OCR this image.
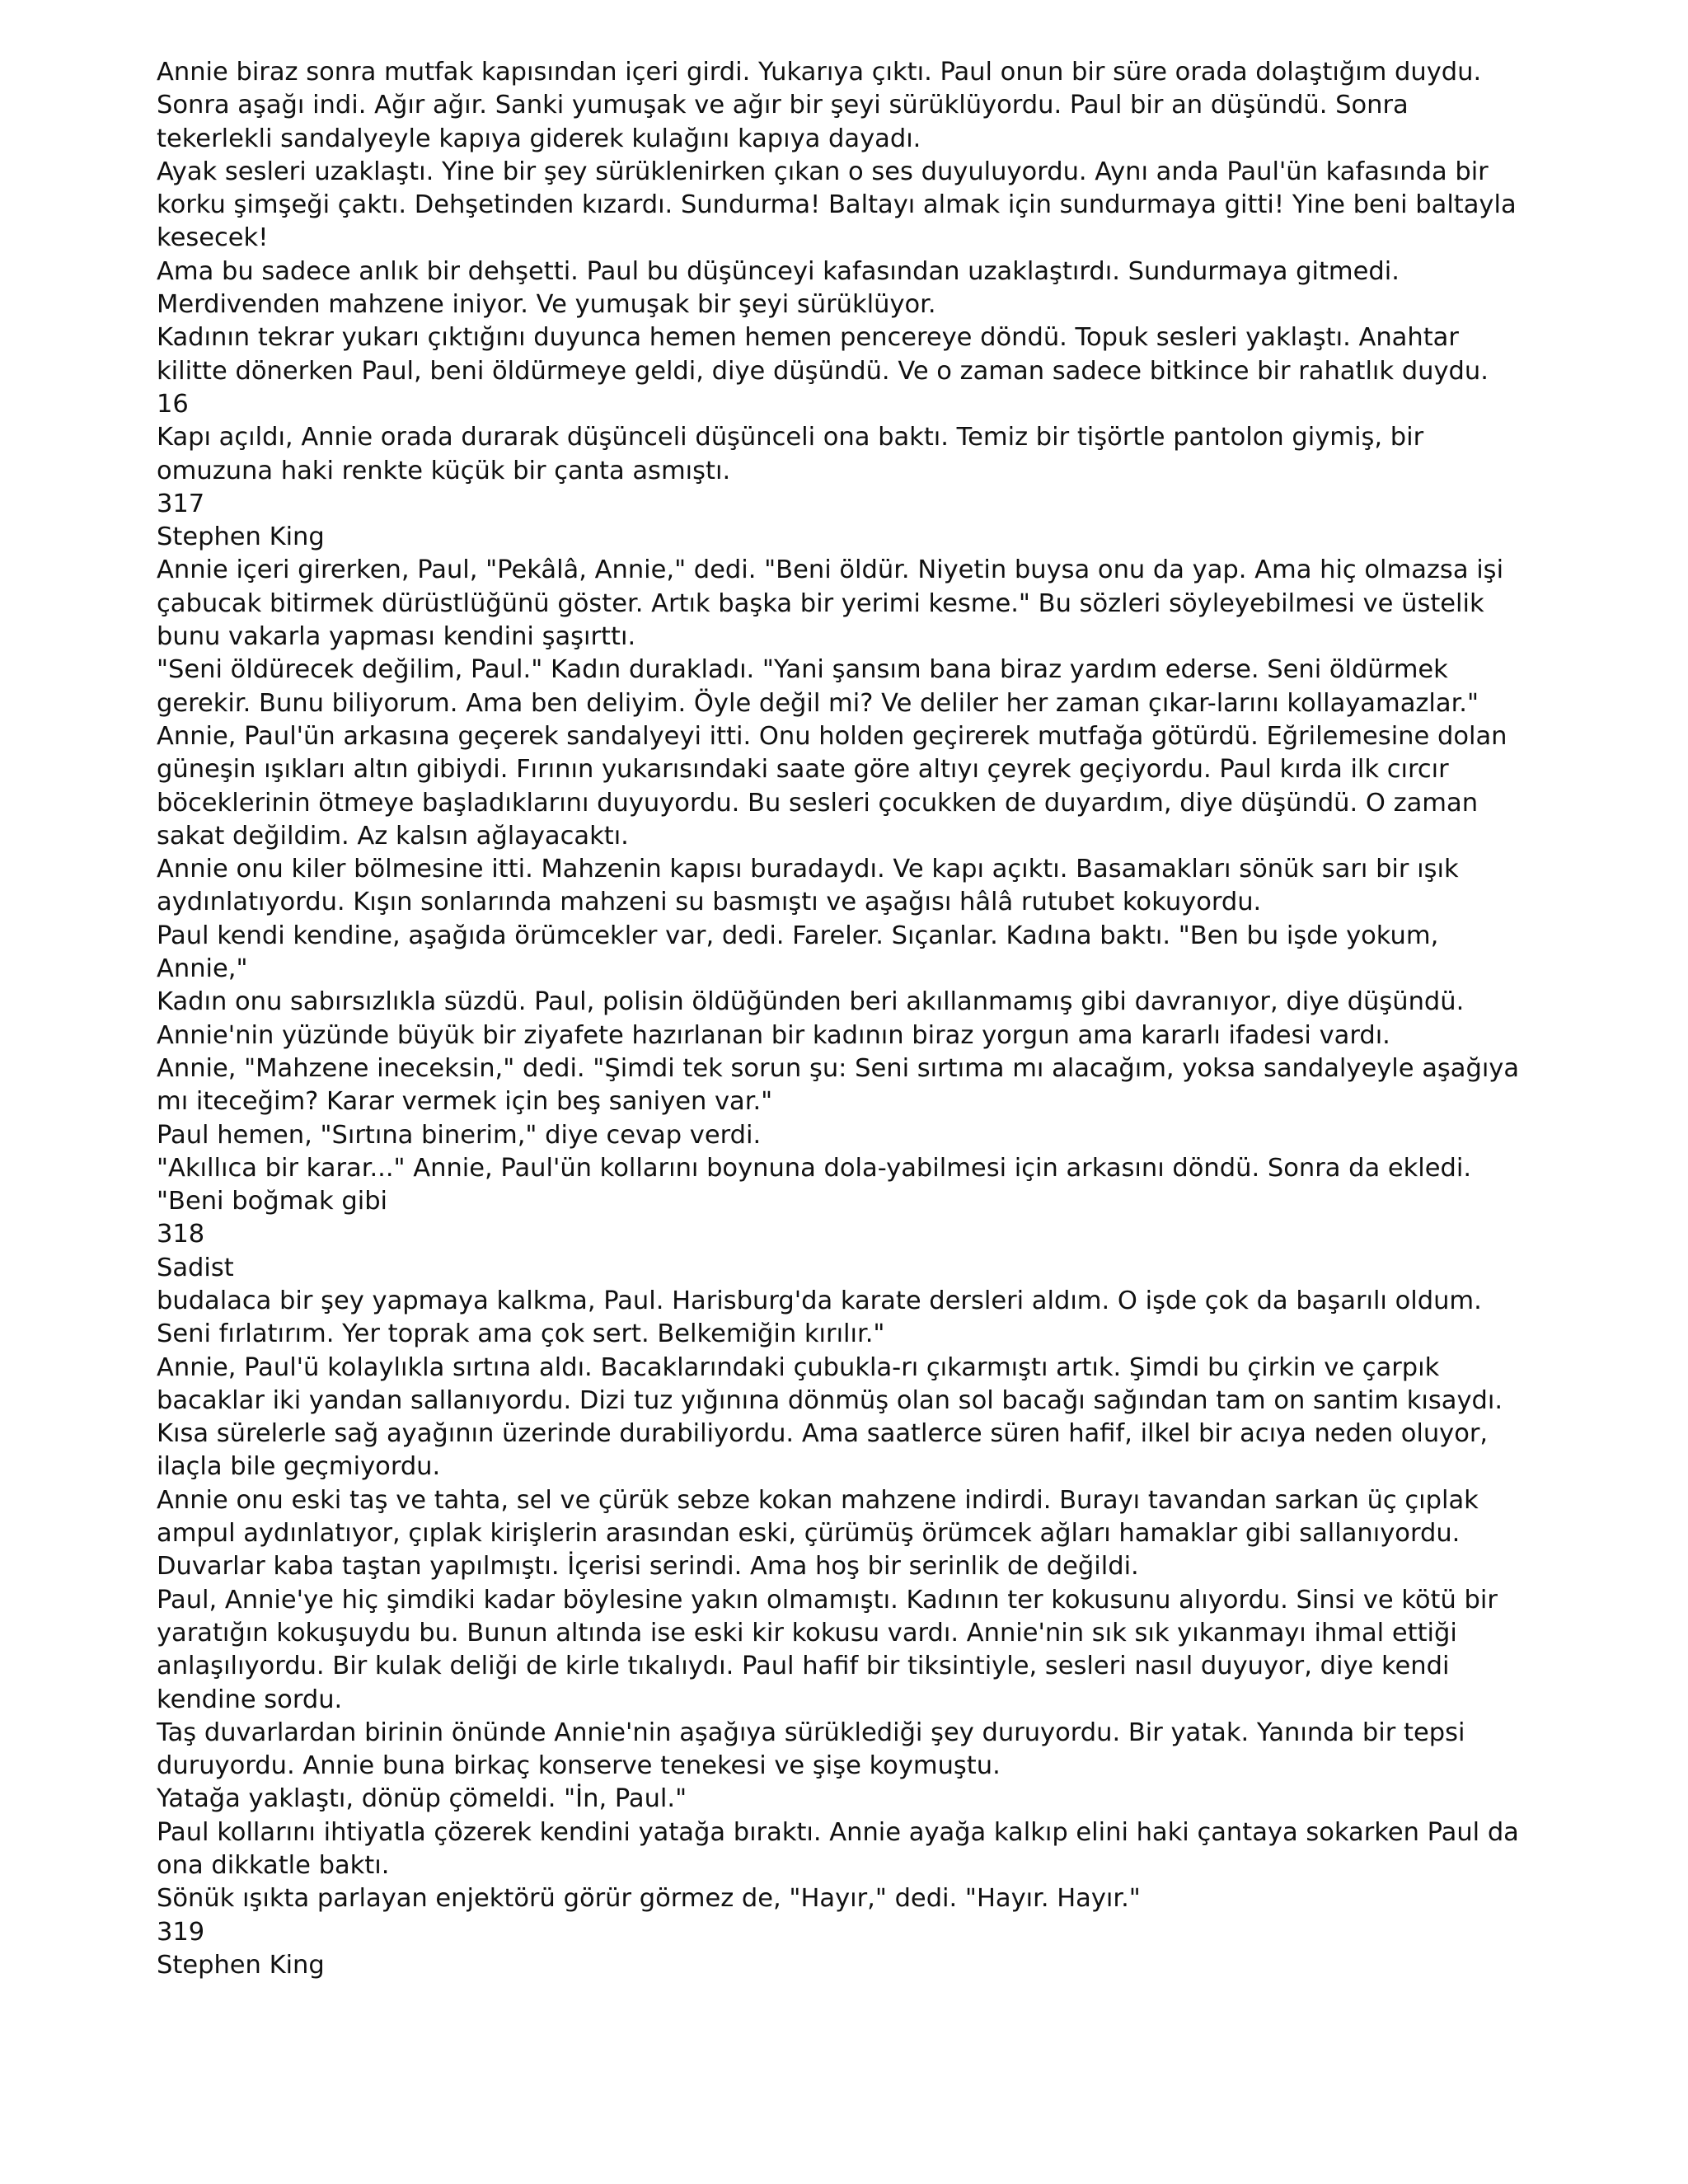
Annie biraz sonra mutfak kapısından içeri girdi. Yukarıya çıktı. Paul onun bir süre orada dolaştığım duydu.
Sonra aşağı indi. Ağır ağır. Sanki yumuşak ve ağır bir şeyi sürüklüyordu. Paul bir an düşündü. Sonra
tekerlekli sandalyeyle kapıya giderek kulağını kapıya dayadı.
Ayak sesleri uzaklaştı. Yine bir şey sürüklenirken çıkan o ses duyuluyordu. Aynı anda Paul'ün kafasında bir
korku şimşeği çaktı. Dehşetinden kızardı. Sundurma! Baltayı almak için sundurmaya gitti! Yine beni baltayla
kesecek!
Ama bu sadece anlık bir dehşetti. Paul bu düşünceyi kafasından uzaklaştırdı. Sundurmaya gitmedi.
Merdivenden mahzene iniyor. Ve yumuşak bir şeyi sürüklüyor.
Kadının tekrar yukarı çıktığını duyunca hemen hemen pencereye döndü. Topuk sesleri yaklaştı. Anahtar
kilitte dönerken Paul, beni öldürmeye geldi, diye düşündü. Ve o zaman sadece bitkince bir rahatlık duydu.
16
Kapı açıldı, Annie orada durarak düşünceli düşünceli ona baktı. Temiz bir tişörtle pantolon giymiş, bir
omuzuna haki renkte küçük bir çanta asmıştı.
317
Stephen King
Annie içeri girerken, Paul, "Pekâlâ, Annie," dedi. "Beni öldür. Niyetin buysa onu da yap. Ama hiç olmazsa işi
çabucak bitirmek dürüstlüğünü göster. Artık başka bir yerimi kesme." Bu sözleri söyleyebilmesi ve üstelik
bunu vakarla yapması kendini şaşırttı.
"Seni öldürecek değilim, Paul." Kadın durakladı. "Yani şansım bana biraz yardım ederse. Seni öldürmek
gerekir. Bunu biliyorum. Ama ben deliyim. Öyle değil mi? Ve deliler her zaman çıkar-larını kollayamazlar."
Annie, Paul'ün arkasına geçerek sandalyeyi itti. Onu holden geçirerek mutfağa götürdü. Eğrilemesine dolan
güneşin ışıkları altın gibiydi. Fırının yukarısındaki saate göre altıyı çeyrek geçiyordu. Paul kırda ilk cırcır
böceklerinin ötmeye başladıklarını duyuyordu. Bu sesleri çocukken de duyardım, diye düşündü. O zaman
sakat değildim. Az kalsın ağlayacaktı.
Annie onu kiler bölmesine itti. Mahzenin kapısı buradaydı. Ve kapı açıktı. Basamakları sönük sarı bir ışık
aydınlatıyordu. Kışın sonlarında mahzeni su basmıştı ve aşağısı hâlâ rutubet kokuyordu.
Paul kendi kendine, aşağıda örümcekler var, dedi. Fareler. Sıçanlar. Kadına baktı. "Ben bu işde yokum,
Annie,"
Kadın onu sabırsızlıkla süzdü. Paul, polisin öldüğünden beri akıllanmamış gibi davranıyor, diye düşündü.
Annie'nin yüzünde büyük bir ziyafete hazırlanan bir kadının biraz yorgun ama kararlı ifadesi vardı.
Annie, "Mahzene ineceksin," dedi. "Şimdi tek sorun şu: Seni sırtıma mı alacağım, yoksa sandalyeyle aşağıya
mı iteceğim? Karar vermek için beş saniyen var."
Paul hemen, "Sırtına binerim," diye cevap verdi.
"Akıllıca bir karar..." Annie, Paul'ün kollarını boynuna dola-yabilmesi için arkasını döndü. Sonra da ekledi.
"Beni boğmak gibi
318
Sadist
budalaca bir şey yapmaya kalkma, Paul. Harisburg'da karate dersleri aldım. O işde çok da başarılı oldum.
Seni fırlatırım. Yer toprak ama çok sert. Belkemiğin kırılır."
Annie, Paul'ü kolaylıkla sırtına aldı. Bacaklarındaki çubukla-rı çıkarmıştı artık. Şimdi bu çirkin ve çarpık
bacaklar iki yandan sallanıyordu. Dizi tuz yığınına dönmüş olan sol bacağı sağından tam on santim kısaydı.
Kısa sürelerle sağ ayağının üzerinde durabiliyordu. Ama saatlerce süren hafif, ilkel bir acıya neden oluyor,
ilaçla bile geçmiyordu.
Annie onu eski taş ve tahta, sel ve çürük sebze kokan mahzene indirdi. Burayı tavandan sarkan üç çıplak
ampul aydınlatıyor, çıplak kirişlerin arasından eski, çürümüş örümcek ağları hamaklar gibi sallanıyordu.
Duvarlar kaba taştan yapılmıştı. İçerisi serindi. Ama hoş bir serinlik de değildi.
Paul, Annie'ye hiç şimdiki kadar böylesine yakın olmamıştı. Kadının ter kokusunu alıyordu. Sinsi ve kötü bir
yaratığın kokuşuydu bu. Bunun altında ise eski kir kokusu vardı. Annie'nin sık sık yıkanmayı ihmal ettiği
anlaşılıyordu. Bir kulak deliği de kirle tıkalıydı. Paul hafif bir tiksintiyle, sesleri nasıl duyuyor, diye kendi
kendine sordu.
Taş duvarlardan birinin önünde Annie'nin aşağıya sürüklediği şey duruyordu. Bir yatak. Yanında bir tepsi
duruyordu. Annie buna birkaç konserve tenekesi ve şişe koymuştu.
Yatağa yaklaştı, dönüp çömeldi. "İn, Paul."
Paul kollarını ihtiyatla çözerek kendini yatağa bıraktı. Annie ayağa kalkıp elini haki çantaya sokarken Paul da
ona dikkatle baktı.
Sönük ışıkta parlayan enjektörü görür görmez de, "Hayır," dedi. "Hayır. Hayır."
319
Stephen King
